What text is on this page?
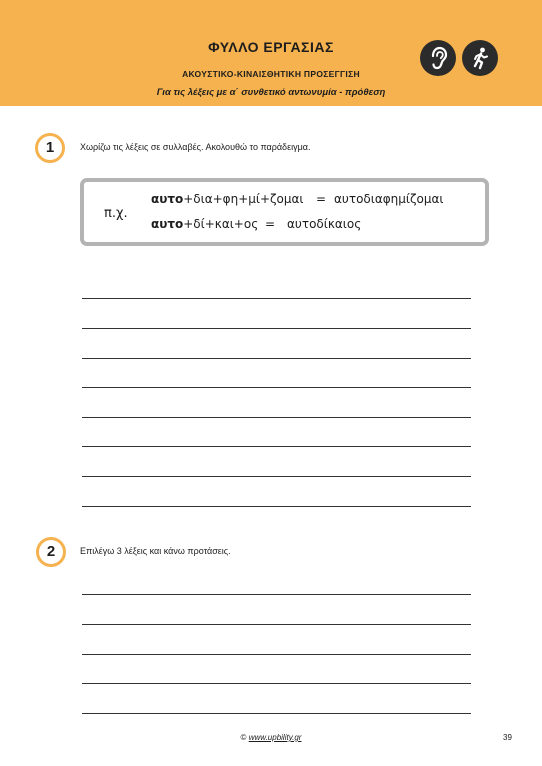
ΦΥΛΛΟ ΕΡΓΑΣΙΑΣ
ΑΚΟΥΣΤΙΚΟ-ΚΙΝΑΙΣΘΗΤΙΚΗ ΠΡΟΣΕΓΓΙΣΗ
Για τις λέξεις με α΄ συνθετικό αντωνυμία - πρόθεση
1	Χωρίζω τις λέξεις σε συλλαβές. Ακολουθώ το παράδειγμα.
π.χ.
αυτο+δια+φη+μί+ζομαι = αυτοδιαφημίζομαι
αυτο+δί+και+ος = αυτοδίκαιος
2	Επιλέγω 3 λέξεις και κάνω προτάσεις.
© www.upbility.gr	39
